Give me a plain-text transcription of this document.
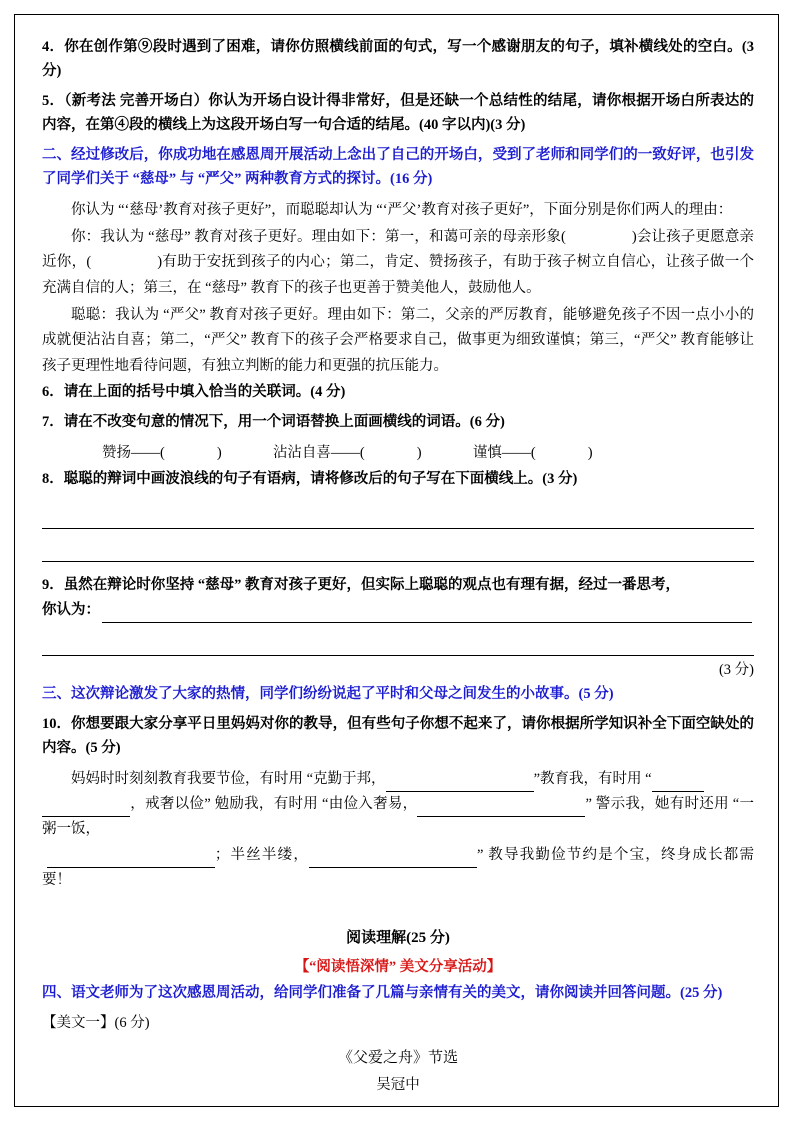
4．你在创作第⑨段时遇到了困难，请你仿照横线前面的句式，写一个感谢朋友的句子，填补横线处的空白。(3 分)

5．（新考法 完善开场白）你认为开场白设计得非常好，但是还缺一个总结性的结尾，请你根据开场白所表达的内容，在第④段的横线上为这段开场白写一句合适的结尾。(40 字以内)(3 分)

二、经过修改后，你成功地在感恩周开展活动上念出了自己的开场白，受到了老师和同学们的一致好评，也引发了同学们关于 “慈母” 与 “严父” 两种教育方式的探讨。(16 分)

你认为 “‘慈母’教育对孩子更好”，而聪聪却认为 “‘严父’教育对孩子更好”，下面分别是你们两人的理由：

你：我认为 “慈母” 教育对孩子更好。理由如下：第一，和蔼可亲的母亲形象(	)会让孩子更愿意亲近你，(	)有助于安抚到孩子的内心；第二，肯定、赞扬孩子，有助于孩子树立自信心，让孩子做一个充满自信的人；第三，在 “慈母” 教育下的孩子也更善于赞美他人，鼓励他人。

聪聪：我认为 “严父” 教育对孩子更好。理由如下：第二，父亲的严厉教育，能够避免孩子不因一点小小的成就便沾沾自喜；第二，“严父” 教育下的孩子会严格要求自己，做事更为细致谨慎；第三，“严父” 教育能够让孩子更理性地看待问题，有独立判断的能力和更强的抗压能力。

6．请在上面的括号中填入恰当的关联词。(4 分)

7．请在不改变句意的情况下，用一个词语替换上面画横线的词语。(6 分)

赞扬——(	)	沾沾自喜——(	)	谨慎——(	)

8．聪聪的辩词中画波浪线的句子有语病，请将修改后的句子写在下面横线上。(3 分)

9．虽然在辩论时你坚持 “慈母” 教育对孩子更好，但实际上聪聪的观点也有理有据，经过一番思考，

你认为：

(3 分)

三、这次辩论激发了大家的热情，同学们纷纷说起了平时和父母之间发生的小故事。(5 分)

10．你想要跟大家分享平日里妈妈对你的教导，但有些句子你想不起来了，请你根据所学知识补全下面空缺处的内容。(5 分)

妈妈时时刻刻教育我要节俭，有时用 “克勤于邦，	”教育我，有时用 “
，戒奢以俭” 勉励我，有时用 “由俭入奢易，	” 警示我，她有时还用 “一粥一饭，
；半丝半缕，	” 教导我勤俭节约是个宝，终身成长都需要！

阅读理解(25 分)

【“阅读悟深情” 美文分享活动】

四、语文老师为了这次感恩周活动，给同学们准备了几篇与亲情有关的美文，请你阅读并回答问题。(25 分)

【美文一】(6 分)

《父爱之舟》节选

吴冠中
